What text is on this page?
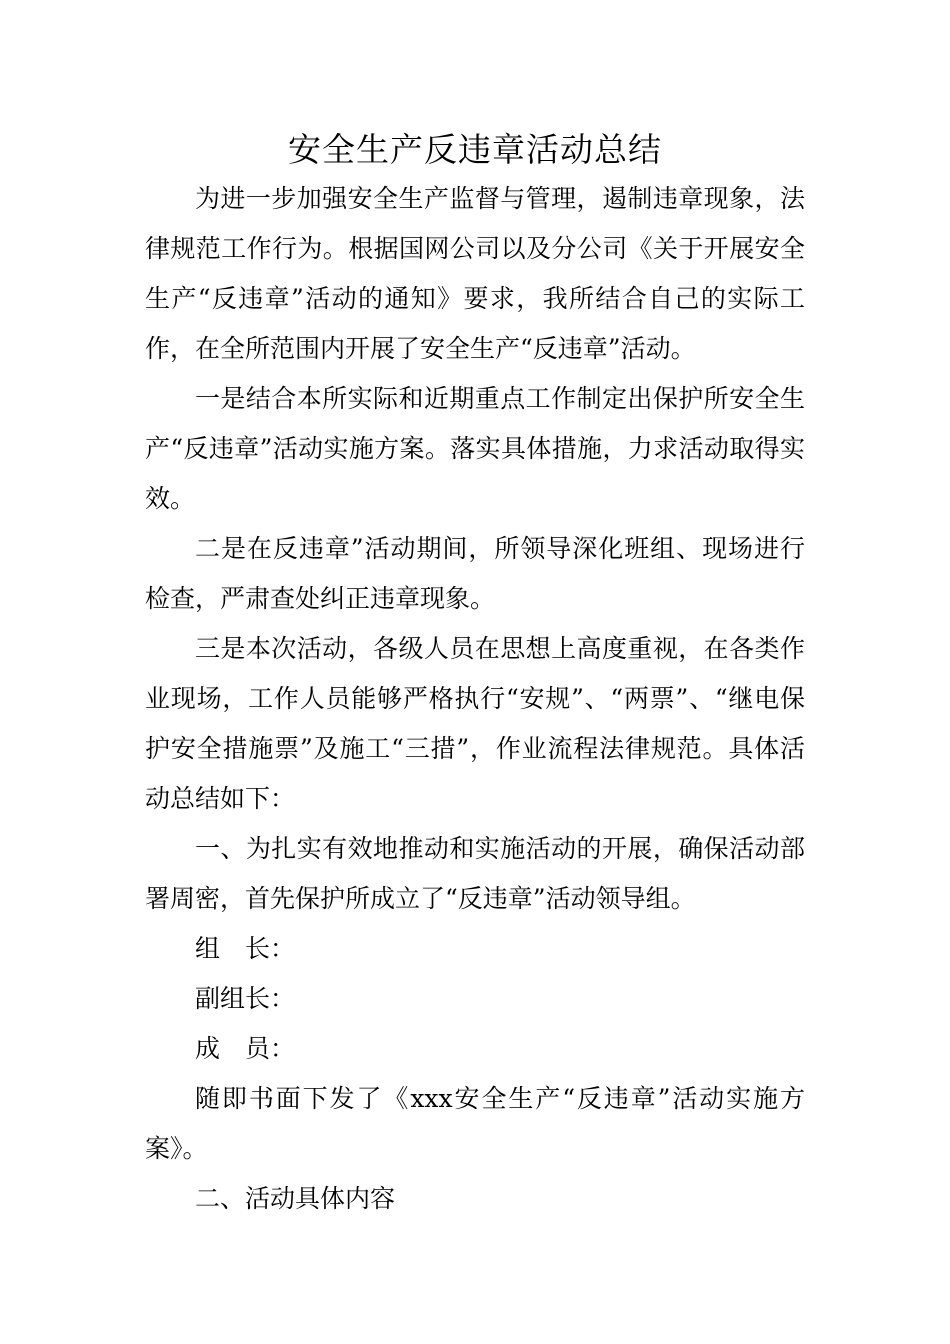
安全生产反违章活动总结

为进一步加强安全生产监督与管理，遏制违章现象，法律规范工作行为。根据国网公司以及分公司《关于开展安全生产“反违章”活动的通知》要求，我所结合自己的实际工作，在全所范围内开展了安全生产“反违章”活动。

一是结合本所实际和近期重点工作制定出保护所安全生产“反违章”活动实施方案。落实具体措施，力求活动取得实效。

二是在反违章”活动期间，所领导深化班组、现场进行检查，严肃查处纠正违章现象。

三是本次活动，各级人员在思想上高度重视，在各类作业现场，工作人员能够严格执行“安规”、“两票”、“继电保护安全措施票”及施工“三措”，作业流程法律规范。具体活动总结如下：

一、为扎实有效地推动和实施活动的开展，确保活动部署周密，首先保护所成立了“反违章”活动领导组。

组　长：

副组长：

成　员：

随即书面下发了《xxx安全生产“反违章”活动实施方案》。

二、活动具体内容
